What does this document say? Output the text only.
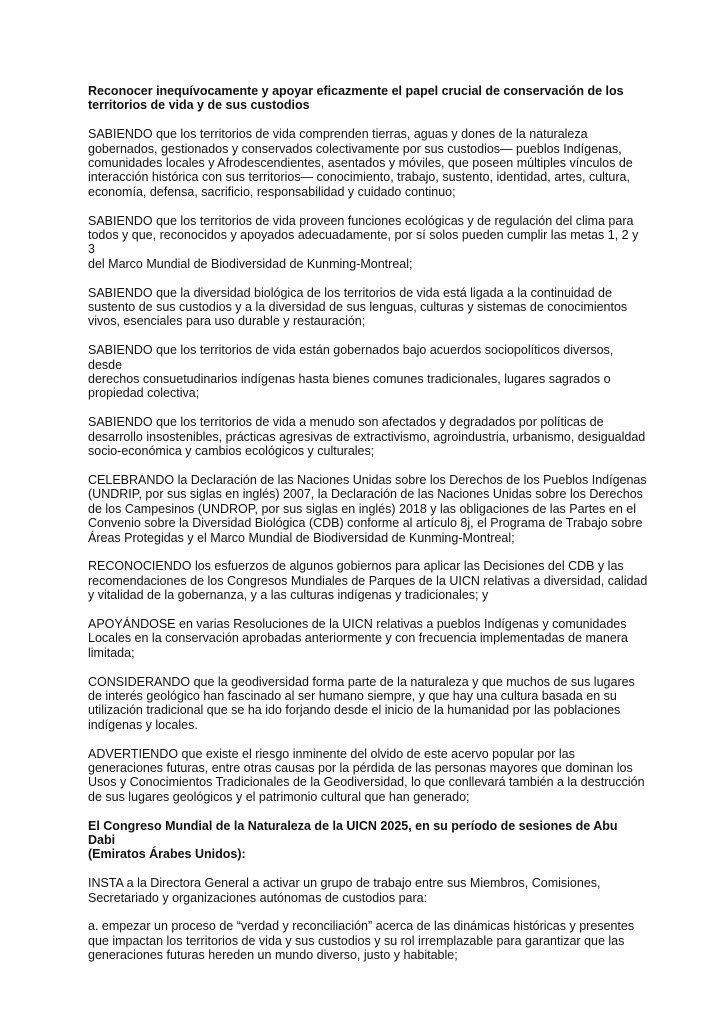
Reconocer inequívocamente y apoyar eficazmente el papel crucial de conservación de los
territorios de vida y de sus custodios

SABIENDO que los territorios de vida comprenden tierras, aguas y dones de la naturaleza
gobernados, gestionados y conservados colectivamente por sus custodios— pueblos Indígenas,
comunidades locales y Afrodescendientes, asentados y móviles, que poseen múltiples vínculos de
interacción histórica con sus territorios— conocimiento, trabajo, sustento, identidad, artes, cultura,
economía, defensa, sacrificio, responsabilidad y cuidado continuo;

SABIENDO que los territorios de vida proveen funciones ecológicas y de regulación del clima para
todos y que, reconocidos y apoyados adecuadamente, por sí solos pueden cumplir las metas 1, 2 y 3
del Marco Mundial de Biodiversidad de Kunming-Montreal;

SABIENDO que la diversidad biológica de los territorios de vida está ligada a la continuidad de
sustento de sus custodios y a la diversidad de sus lenguas, culturas y sistemas de conocimientos
vivos, esenciales para uso durable y restauración;

SABIENDO que los territorios de vida están gobernados bajo acuerdos sociopolíticos diversos, desde
derechos consuetudinarios indígenas hasta bienes comunes tradicionales, lugares sagrados o
propiedad colectiva;

SABIENDO que los territorios de vida a menudo son afectados y degradados por políticas de
desarrollo insostenibles, prácticas agresivas de extractivismo, agroindustria, urbanismo, desigualdad
socio-económica y cambios ecológicos y culturales;

CELEBRANDO la Declaración de las Naciones Unidas sobre los Derechos de los Pueblos Indígenas
(UNDRIP, por sus siglas en inglés) 2007, la Declaración de las Naciones Unidas sobre los Derechos
de los Campesinos (UNDROP, por sus siglas en inglés) 2018 y las obligaciones de las Partes en el
Convenio sobre la Diversidad Biológica (CDB) conforme al artículo 8j, el Programa de Trabajo sobre
Áreas Protegidas y el Marco Mundial de Biodiversidad de Kunming-Montreal;

RECONOCIENDO los esfuerzos de algunos gobiernos para aplicar las Decisiones del CDB y las
recomendaciones de los Congresos Mundiales de Parques de la UICN relativas a diversidad, calidad
y vitalidad de la gobernanza, y a las culturas indígenas y tradicionales; y

APOYÁNDOSE en varias Resoluciones de la UICN relativas a pueblos Indígenas y comunidades
Locales en la conservación aprobadas anteriormente y con frecuencia implementadas de manera
limitada;

CONSIDERANDO que la geodiversidad forma parte de la naturaleza y que muchos de sus lugares
de interés geológico han fascinado al ser humano siempre, y que hay una cultura basada en su
utilización tradicional que se ha ido forjando desde el inicio de la humanidad por las poblaciones
indígenas y locales.

ADVERTIENDO que existe el riesgo inminente del olvido de este acervo popular por las
generaciones futuras, entre otras causas por la pérdida de las personas mayores que dominan los
Usos y Conocimientos Tradicionales de la Geodiversidad, lo que conllevará también a la destrucción
de sus lugares geológicos y el patrimonio cultural que han generado;

El Congreso Mundial de la Naturaleza de la UICN 2025, en su período de sesiones de Abu Dabi
(Emiratos Árabes Unidos):

INSTA a la Directora General a activar un grupo de trabajo entre sus Miembros, Comisiones,
Secretariado y organizaciones autónomas de custodios para:

a. empezar un proceso de “verdad y reconciliación” acerca de las dinámicas históricas y presentes
que impactan los territorios de vida y sus custodios y su rol irremplazable para garantizar que las
generaciones futuras hereden un mundo diverso, justo y habitable;
